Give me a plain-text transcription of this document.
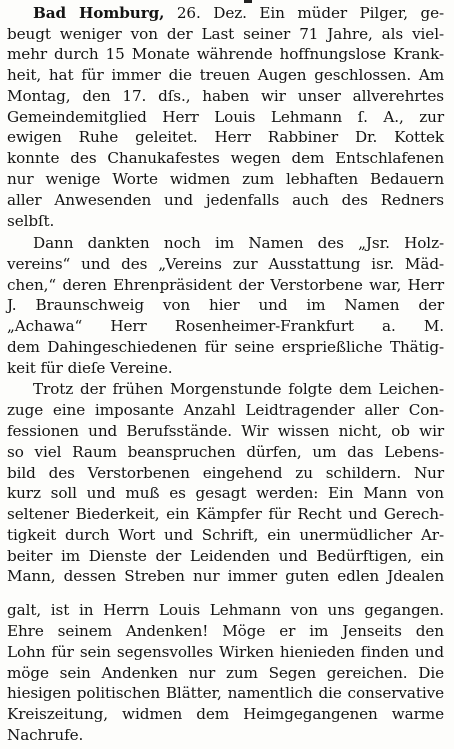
Bad Homburg, 26. Dez. Ein müder Pilger, ge-
beugt weniger von der Last seiner 71 Jahre, als viel-
mehr durch 15 Monate währende hoffnungslose Krank-
heit, hat für immer die treuen Augen geschlossen. Am
Montag, den 17. dſs., haben wir unser allverehrtes
Gemeindemitglied Herr Louis Lehmann ſ. A., zur
ewigen Ruhe geleitet. Herr Rabbiner Dr. Kottek
konnte des Chanukafestes wegen dem Entschlafenen
nur wenige Worte widmen zum lebhaften Bedauern
aller Anwesenden und jedenfalls auch des Redners
selbſt.
Dann dankten noch im Namen des „Jsr. Holz-
vereins“ und des „Vereins zur Ausstattung isr. Mäd-
chen,“ deren Ehrenpräsident der Verstorbene war, Herr
J. Braunschweig von hier und im Namen der
„Achawa“ Herr Rosenheimer-Frankfurt a. M.
dem Dahingeschiedenen für seine ersprießliche Thätig-
keit für dieſe Vereine.
Trotz der frühen Morgenstunde folgte dem Leichen-
zuge eine imposante Anzahl Leidtragender aller Con-
fessionen und Berufsstände. Wir wissen nicht, ob wir
so viel Raum beanspruchen dürfen, um das Lebens-
bild des Verstorbenen eingehend zu schildern. Nur
kurz soll und muß es gesagt werden: Ein Mann von
seltener Biederkeit, ein Kämpfer für Recht und Gerech-
tigkeit durch Wort und Schrift, ein unermüdlicher Ar-
beiter im Dienste der Leidenden und Bedürftigen, ein
Mann, dessen Streben nur immer guten edlen Jdealen
galt, ist in Herrn Louis Lehmann von uns gegangen.
Ehre seinem Andenken! Möge er im Jenseits den
Lohn für sein segensvolles Wirken hienieden finden und
möge sein Andenken nur zum Segen gereichen. Die
hiesigen politischen Blätter, namentlich die conservative
Kreiszeitung, widmen dem Heimgegangenen warme
Nachrufe.
